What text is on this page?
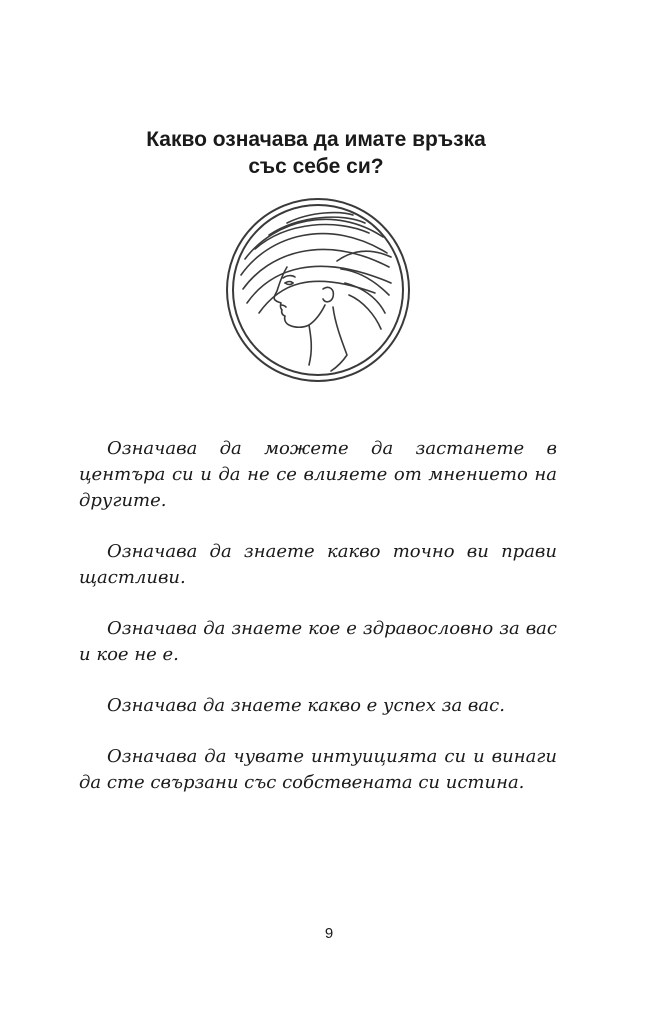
Какво означава да имате връзка
със себе си?

Означава да можете да застанете в центъра си и да не се влияете от мнението на другите.

Означава да знаете какво точно ви прави щастливи.

Означава да знаете кое е здравословно за вас и кое не е.

Означава да знаете какво е успех за вас.

Означава да чувате интуицията си и винаги да сте свързани със собствената си истина.

9
